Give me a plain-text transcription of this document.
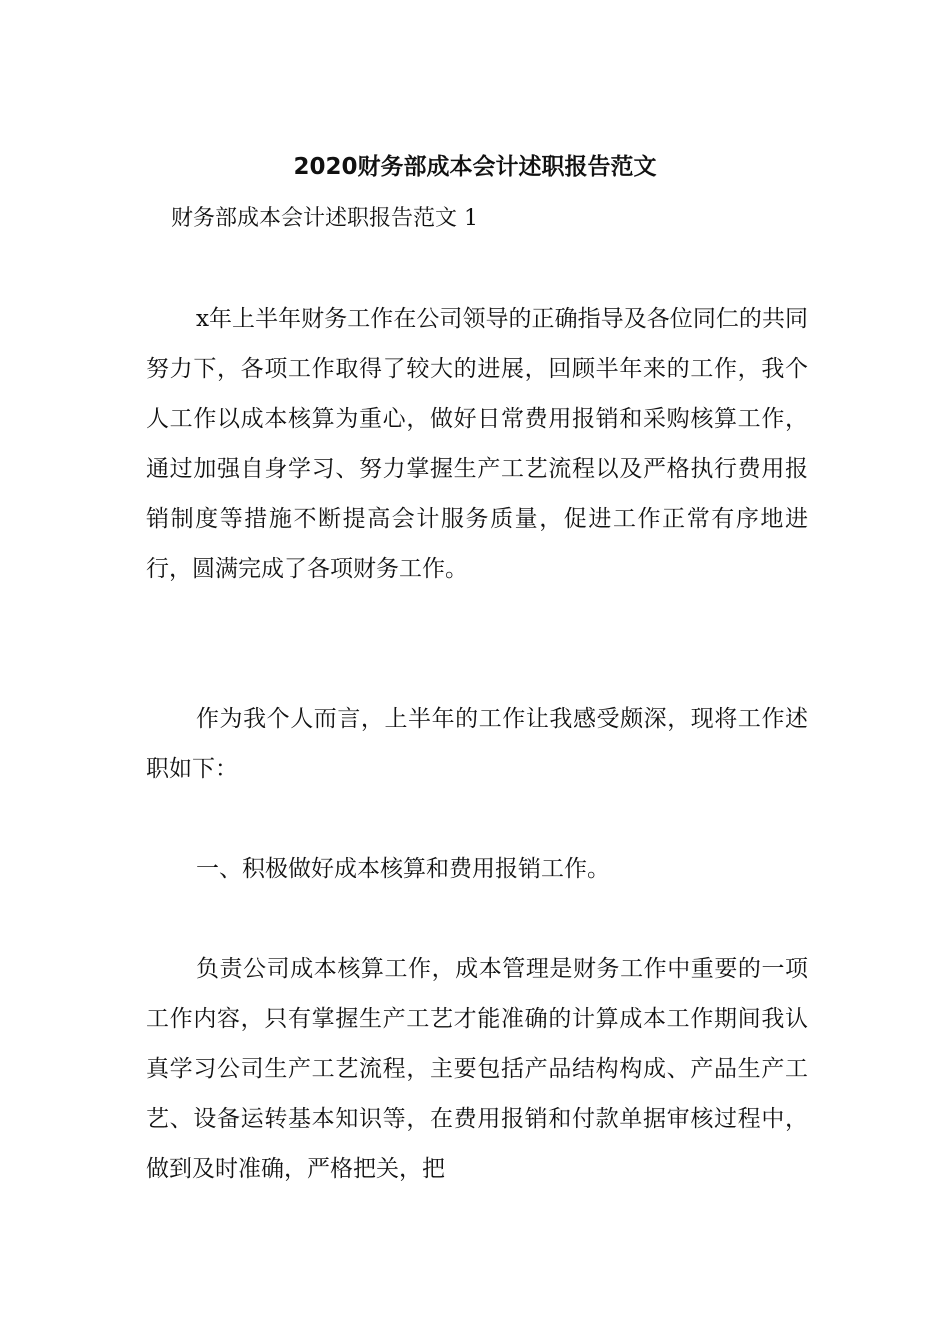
2020财务部成本会计述职报告范文

财务部成本会计述职报告范文 1

x年上半年财务工作在公司领导的正确指导及各位同仁的共同努力下，各项工作取得了较大的进展，回顾半年来的工作，我个人工作以成本核算为重心，做好日常费用报销和采购核算工作，通过加强自身学习、努力掌握生产工艺流程以及严格执行费用报销制度等措施不断提高会计服务质量，促进工作正常有序地进行，圆满完成了各项财务工作。

作为我个人而言，上半年的工作让我感受颇深，现将工作述职如下：

一、积极做好成本核算和费用报销工作。

负责公司成本核算工作，成本管理是财务工作中重要的一项工作内容，只有掌握生产工艺才能准确的计算成本工作期间我认真学习公司生产工艺流程，主要包括产品结构构成、产品生产工艺、设备运转基本知识等，在费用报销和付款单据审核过程中，做到及时准确，严格把关，把
